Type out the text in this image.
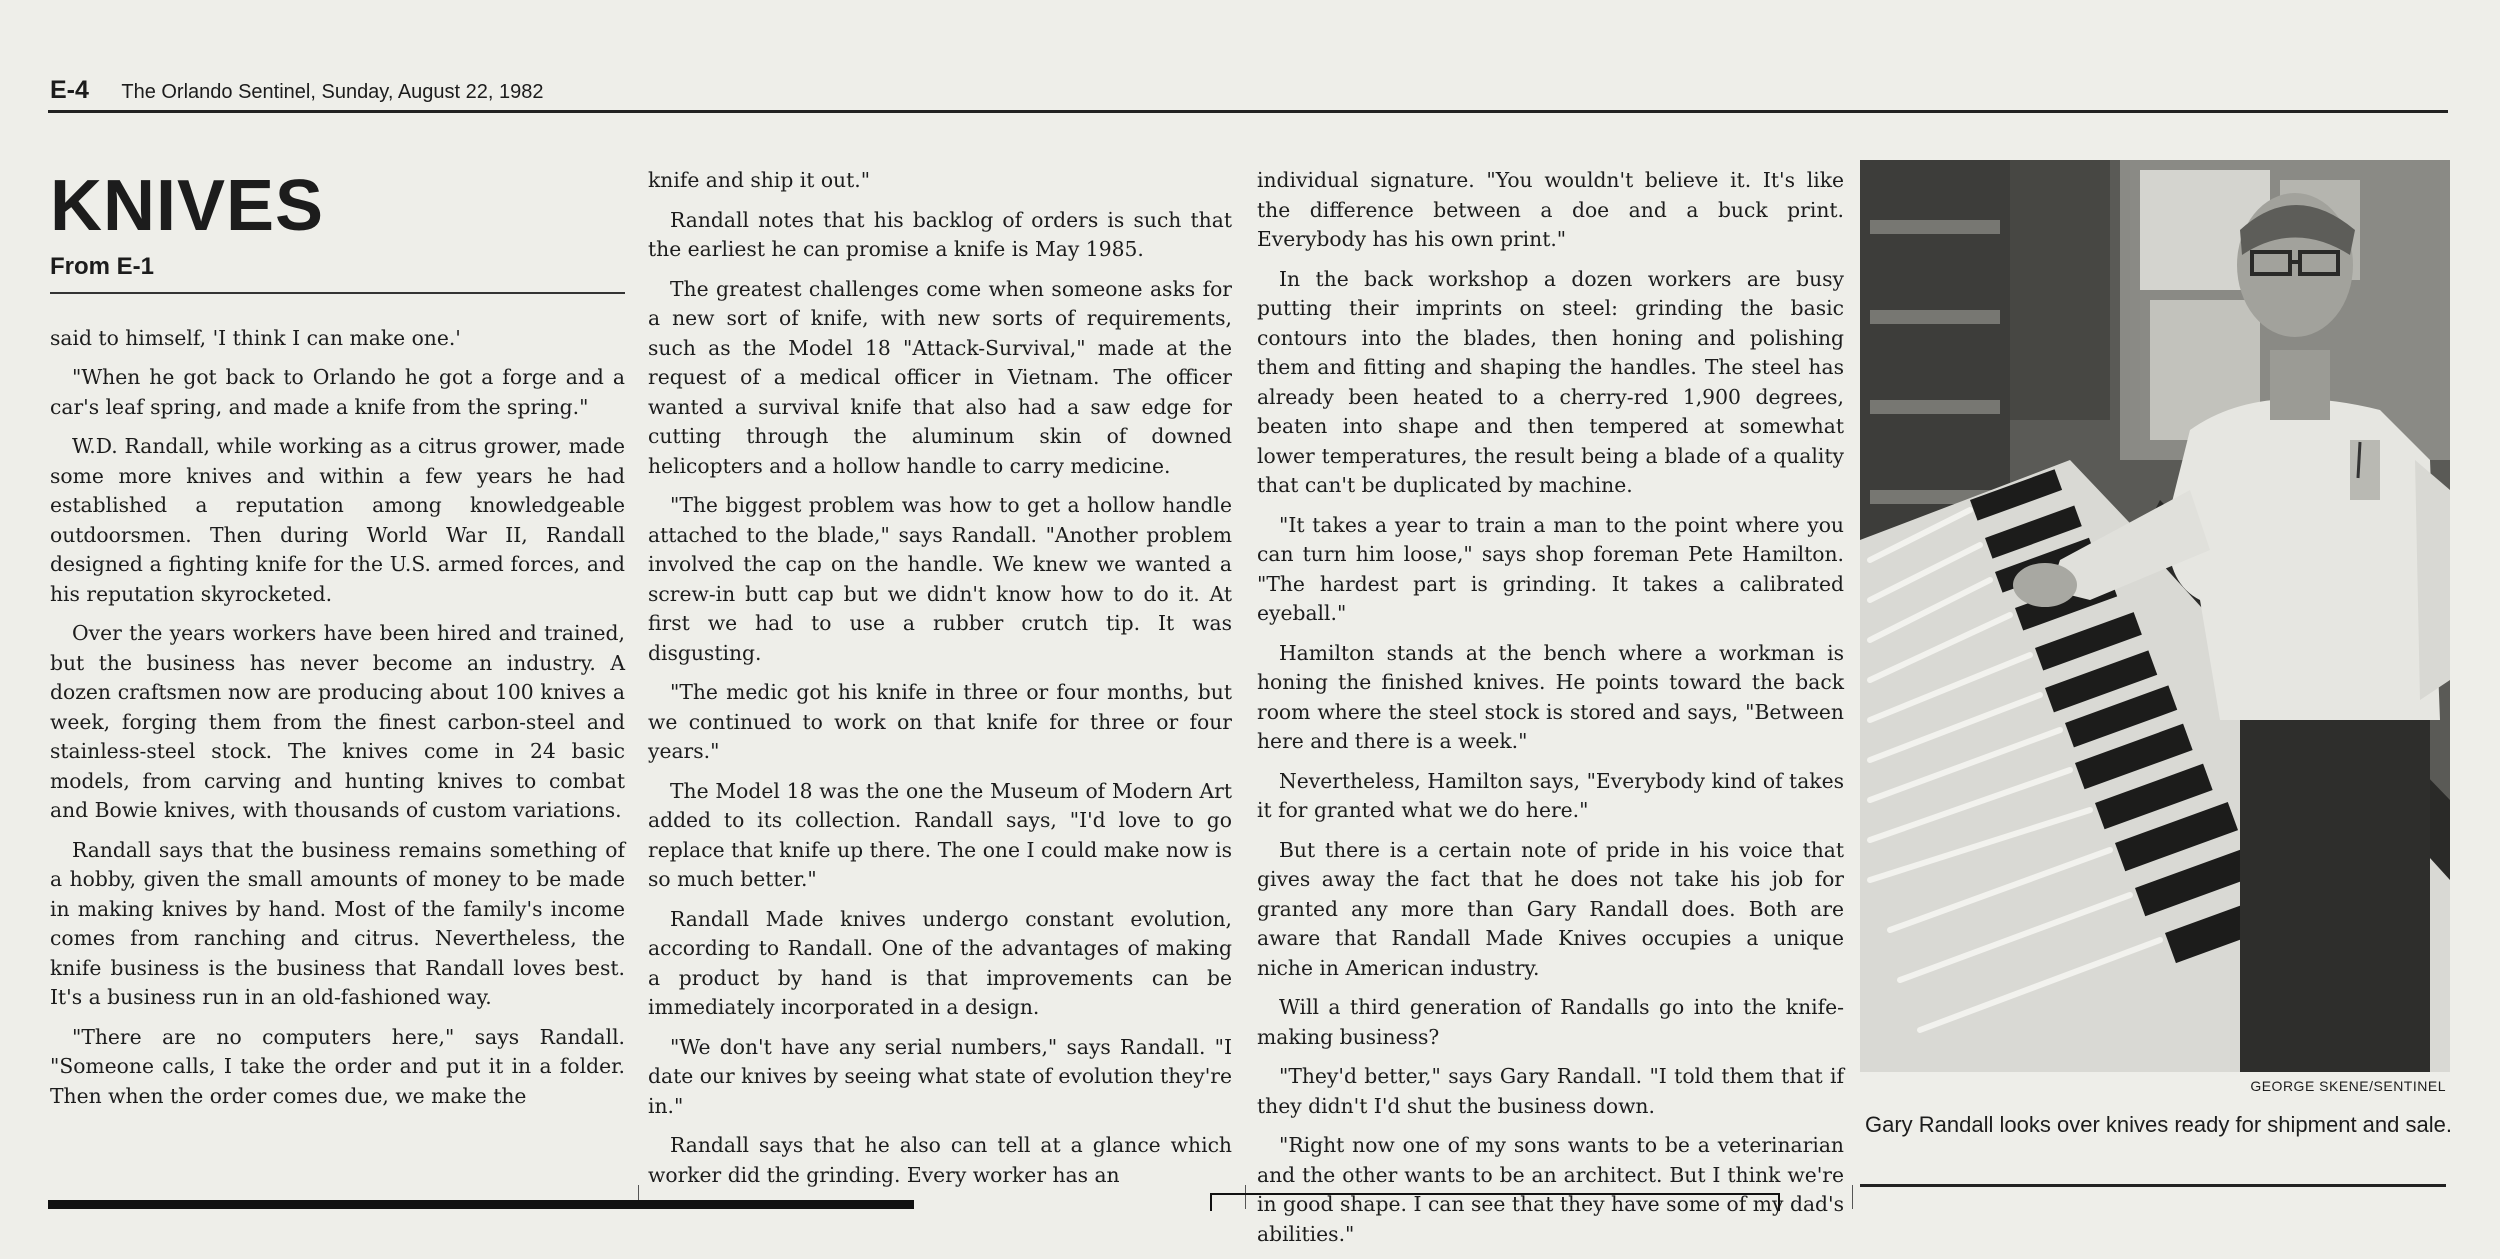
E-4 The Orlando Sentinel, Sunday, August 22, 1982
KNIVES
From E-1

said to himself, 'I think I can make one.'

"When he got back to Orlando he got a forge and a car's leaf spring, and made a knife from the spring."

W.D. Randall, while working as a citrus grower, made some more knives and within a few years he had established a reputation among knowledgeable outdoorsmen. Then during World War II, Randall designed a fighting knife for the U.S. armed forces, and his reputation skyrocketed.

Over the years workers have been hired and trained, but the business has never become an industry. A dozen craftsmen now are producing about 100 knives a week, forging them from the finest carbon-steel and stainless-steel stock. The knives come in 24 basic models, from carving and hunting knives to combat and Bowie knives, with thousands of custom variations.

Randall says that the business remains something of a hobby, given the small amounts of money to be made in making knives by hand. Most of the family's income comes from ranching and citrus. Nevertheless, the knife business is the business that Randall loves best. It's a business run in an old-fashioned way.

"There are no computers here," says Randall. "Someone calls, I take the order and put it in a folder. Then when the order comes due, we make the

knife and ship it out."

Randall notes that his backlog of orders is such that the earliest he can promise a knife is May 1985.

The greatest challenges come when someone asks for a new sort of knife, with new sorts of requirements, such as the Model 18 "Attack-Survival," made at the request of a medical officer in Vietnam. The officer wanted a survival knife that also had a saw edge for cutting through the aluminum skin of downed helicopters and a hollow handle to carry medicine.

"The biggest problem was how to get a hollow handle attached to the blade," says Randall. "Another problem involved the cap on the handle. We knew we wanted a screw-in butt cap but we didn't know how to do it. At first we had to use a rubber crutch tip. It was disgusting.

"The medic got his knife in three or four months, but we continued to work on that knife for three or four years."

The Model 18 was the one the Museum of Modern Art added to its collection. Randall says, "I'd love to go replace that knife up there. The one I could make now is so much better."

Randall Made knives undergo constant evolution, according to Randall. One of the advantages of making a product by hand is that improvements can be immediately incorporated in a design.

"We don't have any serial numbers," says Randall. "I date our knives by seeing what state of evolution they're in."

Randall says that he also can tell at a glance which worker did the grinding. Every worker has an

individual signature. "You wouldn't believe it. It's like the difference between a doe and a buck print. Everybody has his own print."

In the back workshop a dozen workers are busy putting their imprints on steel: grinding the basic contours into the blades, then honing and polishing them and fitting and shaping the handles. The steel has already been heated to a cherry-red 1,900 degrees, beaten into shape and then tempered at somewhat lower temperatures, the result being a blade of a quality that can't be duplicated by machine.

"It takes a year to train a man to the point where you can turn him loose," says shop foreman Pete Hamilton. "The hardest part is grinding. It takes a calibrated eyeball."

Hamilton stands at the bench where a workman is honing the finished knives. He points toward the back room where the steel stock is stored and says, "Between here and there is a week."

Nevertheless, Hamilton says, "Everybody kind of takes it for granted what we do here."

But there is a certain note of pride in his voice that gives away the fact that he does not take his job for granted any more than Gary Randall does. Both are aware that Randall Made Knives occupies a unique niche in American industry.

Will a third generation of Randalls go into the knife-making business?

"They'd better," says Gary Randall. "I told them that if they didn't I'd shut the business down.

"Right now one of my sons wants to be a veterinarian and the other wants to be an architect. But I think we're in good shape. I can see that they have some of my dad's abilities."

GEORGE SKENE/SENTINEL
Gary Randall looks over knives ready for shipment and sale.
